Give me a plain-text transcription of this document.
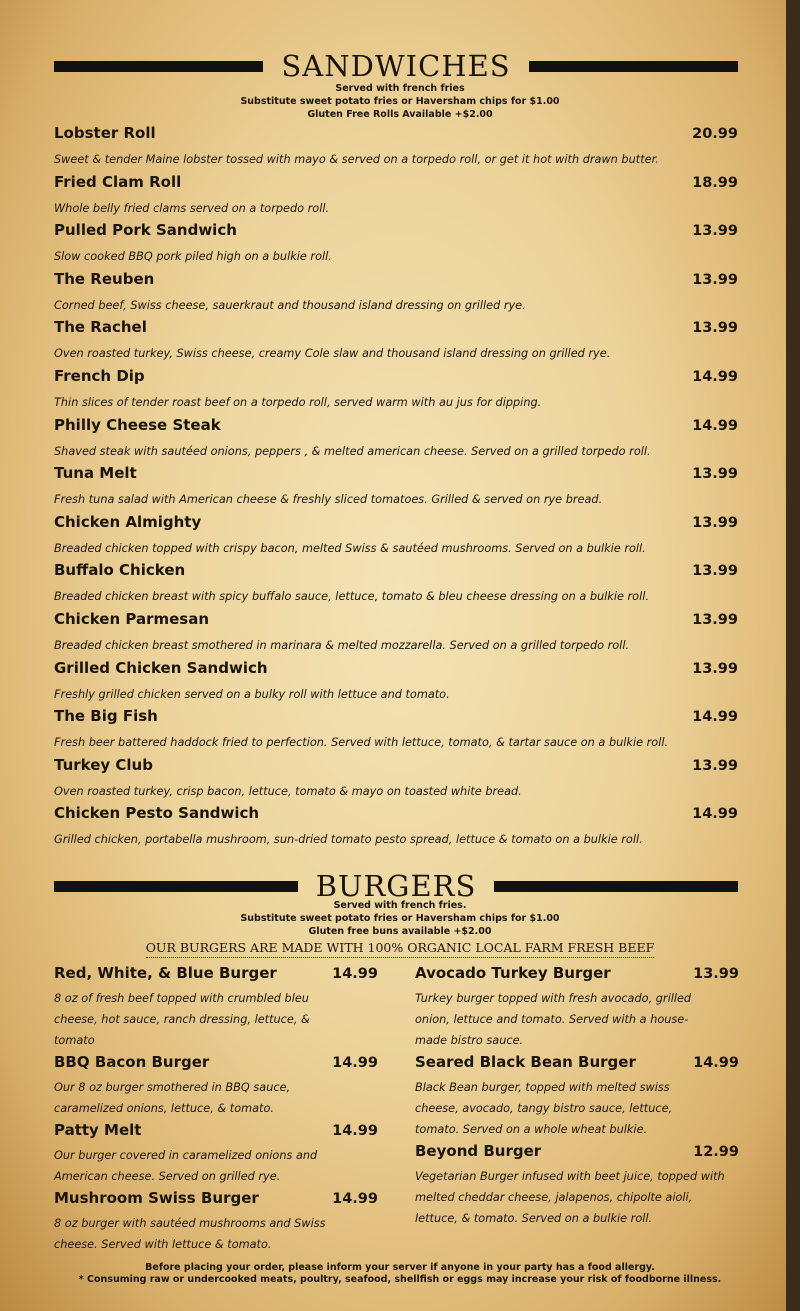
SANDWICHES
Served with french fries
Substitute sweet potato fries or Haversham chips for $1.00
Gluten Free Rolls Available +$2.00
Lobster Roll	20.99
Sweet & tender Maine lobster tossed with mayo & served on a torpedo roll, or get it hot with drawn butter.
Fried Clam Roll	18.99
Whole belly fried clams served on a torpedo roll.
Pulled Pork Sandwich	13.99
Slow cooked BBQ pork piled high on a bulkie roll.
The Reuben	13.99
Corned beef, Swiss cheese, sauerkraut and thousand island dressing on grilled rye.
The Rachel	13.99
Oven roasted turkey, Swiss cheese, creamy Cole slaw and thousand island dressing on grilled rye.
French Dip	14.99
Thin slices of tender roast beef on a torpedo roll, served warm with au jus for dipping.
Philly Cheese Steak	14.99
Shaved steak with sautéed onions, peppers , & melted american cheese. Served on a grilled torpedo roll.
Tuna Melt	13.99
Fresh tuna salad with American cheese & freshly sliced tomatoes. Grilled & served on rye bread.
Chicken Almighty	13.99
Breaded chicken topped with crispy bacon, melted Swiss & sautéed mushrooms. Served on a bulkie roll.
Buffalo Chicken	13.99
Breaded chicken breast with spicy buffalo sauce, lettuce, tomato & bleu cheese dressing on a bulkie roll.
Chicken Parmesan	13.99
Breaded chicken breast smothered in marinara & melted mozzarella. Served on a grilled torpedo roll.
Grilled Chicken Sandwich	13.99
Freshly grilled chicken served on a bulky roll with lettuce and tomato.
The Big Fish	14.99
Fresh beer battered haddock fried to perfection. Served with lettuce, tomato, & tartar sauce on a bulkie roll.
Turkey Club	13.99
Oven roasted turkey, crisp bacon, lettuce, tomato & mayo on toasted white bread.
Chicken Pesto Sandwich	14.99
Grilled chicken, portabella mushroom, sun-dried tomato pesto spread, lettuce & tomato on a bulkie roll.
BURGERS
Served with french fries.
Substitute sweet potato fries or Haversham chips for $1.00
Gluten free buns available +$2.00
OUR BURGERS ARE MADE WITH 100% ORGANIC LOCAL FARM FRESH BEEF
Red, White, & Blue Burger	14.99
8 oz of fresh beef topped with crumbled bleu cheese, hot sauce, ranch dressing, lettuce, & tomato
BBQ Bacon Burger	14.99
Our 8 oz burger smothered in BBQ sauce, caramelized onions, lettuce, & tomato.
Patty Melt	14.99
Our burger covered in caramelized onions and American cheese. Served on grilled rye.
Mushroom Swiss Burger	14.99
8 oz burger with sautéed mushrooms and Swiss cheese. Served with lettuce & tomato.
Avocado Turkey Burger	13.99
Turkey burger topped with fresh avocado, grilled onion, lettuce and tomato. Served with a house-made bistro sauce.
Seared Black Bean Burger	14.99
Black Bean burger, topped with melted swiss cheese, avocado, tangy bistro sauce, lettuce, tomato. Served on a whole wheat bulkie.
Beyond Burger	12.99
Vegetarian Burger infused with beet juice, topped with melted cheddar cheese, jalapenos, chipolte aioli, lettuce, & tomato. Served on a bulkie roll.
Before placing your order, please inform your server if anyone in your party has a food allergy.
* Consuming raw or undercooked meats, poultry, seafood, shellfish or eggs may increase your risk of foodborne illness.
